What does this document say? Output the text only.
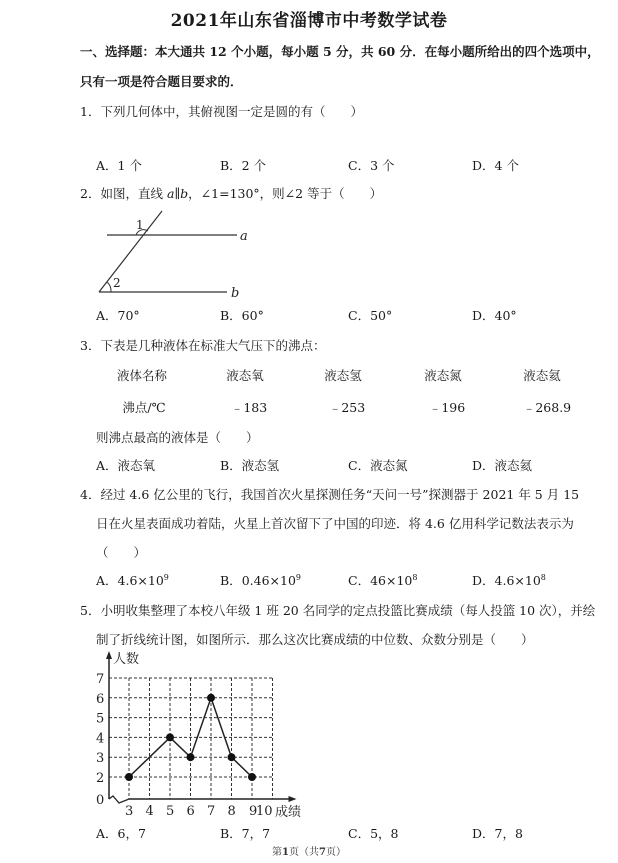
2021年山东省淄博市中考数学试卷
一、选择题：本大通共 12 个小题，每小题 5 分，共 60 分．在每小题所给出的四个选项中，
只有一项是符合题目要求的．
1．下列几何体中，其俯视图一定是圆的有（　　）
A．1 个	B．2 个	C．3 个	D．4 个
2．如图，直线 a∥b，∠1=130°，则∠2 等于（　　）
1
2
a
b
A．70°	B．60°	C．50°	D．40°
3．下表是几种液体在标准大气压下的沸点：
液体名称	液态氧	液态氢	液态氮	液态氦
沸点/℃	﹣183	﹣253	﹣196	﹣268.9
则沸点最高的液体是（　　）
A．液态氧	B．液态氢	C．液态氮	D．液态氦
4．经过 4.6 亿公里的飞行，我国首次火星探测任务“天问一号”探测器于 2021 年 5 月 15
日在火星表面成功着陆，火星上首次留下了中国的印迹．将 4.6 亿用科学记数法表示为
（　　）
A．$4.6\times 10^9$	B．$0.46\times 10^9$	C．$46\times 10^8$	D．$4.6\times 10^8$
5．小明收集整理了本校八年级 1 班 20 名同学的定点投篮比赛成绩（每人投篮 10 次），并绘
制了折线统计图，如图所示．那么这次比赛成绩的中位数、众数分别是（　　）
0
2
3
4
5
6
7
3 4 5 6 7 8 9
10
人数
成绩
A．6，7	B．7，7	C．5，8	D．7，8
第1页（共7页）
